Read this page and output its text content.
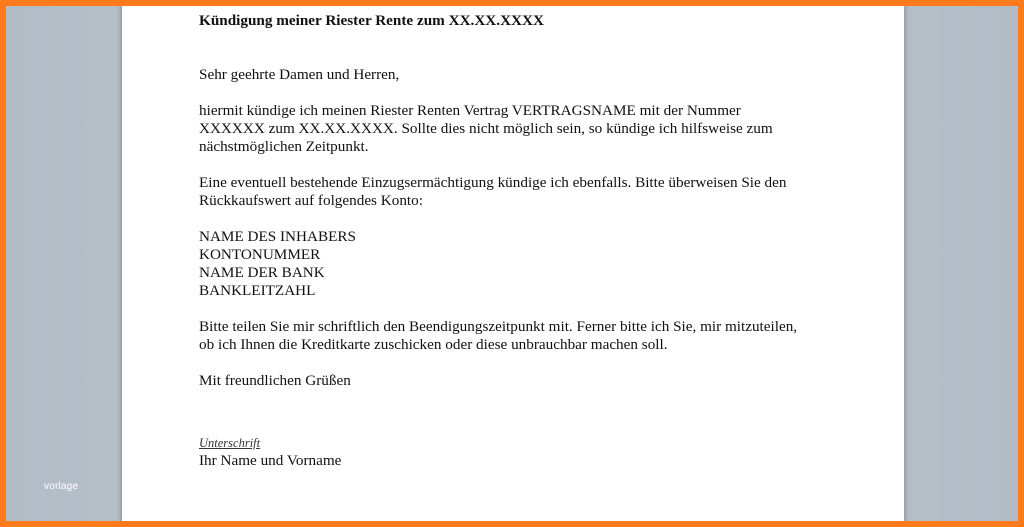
Kündigung meiner Riester Rente zum XX.XX.XXXX
Sehr geehrte Damen und Herren,
hiermit kündige ich meinen Riester Renten Vertrag VERTRAGSNAME mit der Nummer
XXXXXX zum XX.XX.XXXX. Sollte dies nicht möglich sein, so kündige ich hilfsweise zum
nächstmöglichen Zeitpunkt.
Eine eventuell bestehende Einzugsermächtigung kündige ich ebenfalls. Bitte überweisen Sie den
Rückkaufswert auf folgendes Konto:
NAME DES INHABERS
KONTONUMMER
NAME DER BANK
BANKLEITZAHL
Bitte teilen Sie mir schriftlich den Beendigungszeitpunkt mit. Ferner bitte ich Sie, mir mitzuteilen,
ob ich Ihnen die Kreditkarte zuschicken oder diese unbrauchbar machen soll.
Mit freundlichen Grüßen
Unterschrift
Ihr Name und Vorname
vorlage
